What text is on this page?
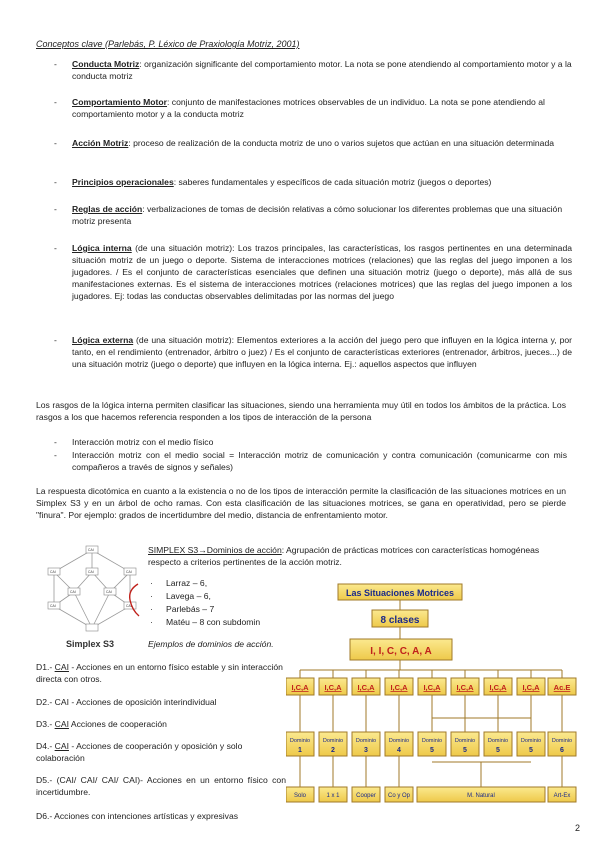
Conceptos clave (Parlebás, P. Léxico de Praxiología Motriz, 2001)
- Conducta Motriz: organización significante del comportamiento motor. La nota se pone atendiendo al comportamiento motor y a la conducta motriz
- Comportamiento Motor: conjunto de manifestaciones motrices observables de un individuo. La nota se pone atendiendo al comportamiento motor y a la conducta motriz
- Acción Motriz: proceso de realización de la conducta motriz de uno o varios sujetos que actúan en una situación determinada
- Principios operacionales: saberes fundamentales y específicos de cada situación motriz (juegos o deportes)
- Reglas de acción: verbalizaciones de tomas de decisión relativas a cómo solucionar los diferentes problemas que una situación motriz presenta
- Lógica interna (de una situación motriz): Los trazos principales, las características, los rasgos pertinentes en una determinada situación motriz de un juego o deporte. Sistema de interacciones motrices (relaciones) que las reglas del juego imponen a los jugadores. / Es el conjunto de características esenciales que definen una situación motriz (juego o deporte), más allá de sus manifestaciones externas. Es el sistema de interacciones motrices (relaciones motrices) que las reglas del juego imponen a los jugadores. Ej: todas las conductas observables delimitadas por las normas del juego
- Lógica externa (de una situación motriz): Elementos exteriores a la acción del juego pero que influyen en la lógica interna y, por tanto, en el rendimiento (entrenador, árbitro o juez) / Es el conjunto de características exteriores (entrenador, árbitros, jueces...) de una situación motriz (juego o deporte) que influyen en la lógica interna. Ej.: aquellos aspectos que influyen
Los rasgos de la lógica interna permiten clasificar las situaciones, siendo una herramienta muy útil en todos los ámbitos de la práctica. Los rasgos a los que hacemos referencia responden a los tipos de interacción de la persona
- Interacción motriz con el medio físico
- Interacción motriz con el medio social = Interacción motriz de comunicación y contra comunicación (comunicarme con mis compañeros a través de signos y señales)
La respuesta dicotómica en cuanto a la existencia o no de los tipos de interacción permite la clasificación de las situaciones motrices en un Simplex S3 y en un árbol de ocho ramas. Con esta clasificación de las situaciones motrices, se gana en operatividad, pero se pierde "finura". Por ejemplo: grados de incertidumbre del medio, distancia de enfrentamiento motor.
CAI
CAI	CAI	CAI
CAI	CAI
CAI	CAI
Simplex S3
SIMPLEX S3→Dominios de acción: Agrupación de prácticas motrices con características homogéneas respecto a criterios pertinentes de la acción motriz.
· Larraz – 6,
· Lavega – 6,
· Parlebás – 7
· Matéu – 8 con subdomin
Ejemplos de dominios de acción.
D1.- CAI - Acciones en un entorno físico estable y sin interacción directa con otros.
D2.- CAI - Acciones de oposición interindividual
D3.- CAI Acciones de cooperación
D4.- CAI - Acciones de cooperación y oposición y solo colaboración
D5.- (CAI/ CAI/ CAI/ CAI)- Acciones en un entorno físico con incertidumbre.
D6.- Acciones con intenciones artísticas y expresivas
Las Situaciones Motrices
8 clases
I, I, C, C, A, A
I,C,A I,C,A I,C,A I,C,A I,C,A I,C,A I,C,A I,C,A Ac.E
Dominio
1
Dominio
2
Dominio
3
Dominio
4
Dominio
5
Dominio
5
Dominio
5
Dominio
5
Dominio
6
Solo	1 x 1	Cooper Co y Op	M. Natural	Art-Ex
2
